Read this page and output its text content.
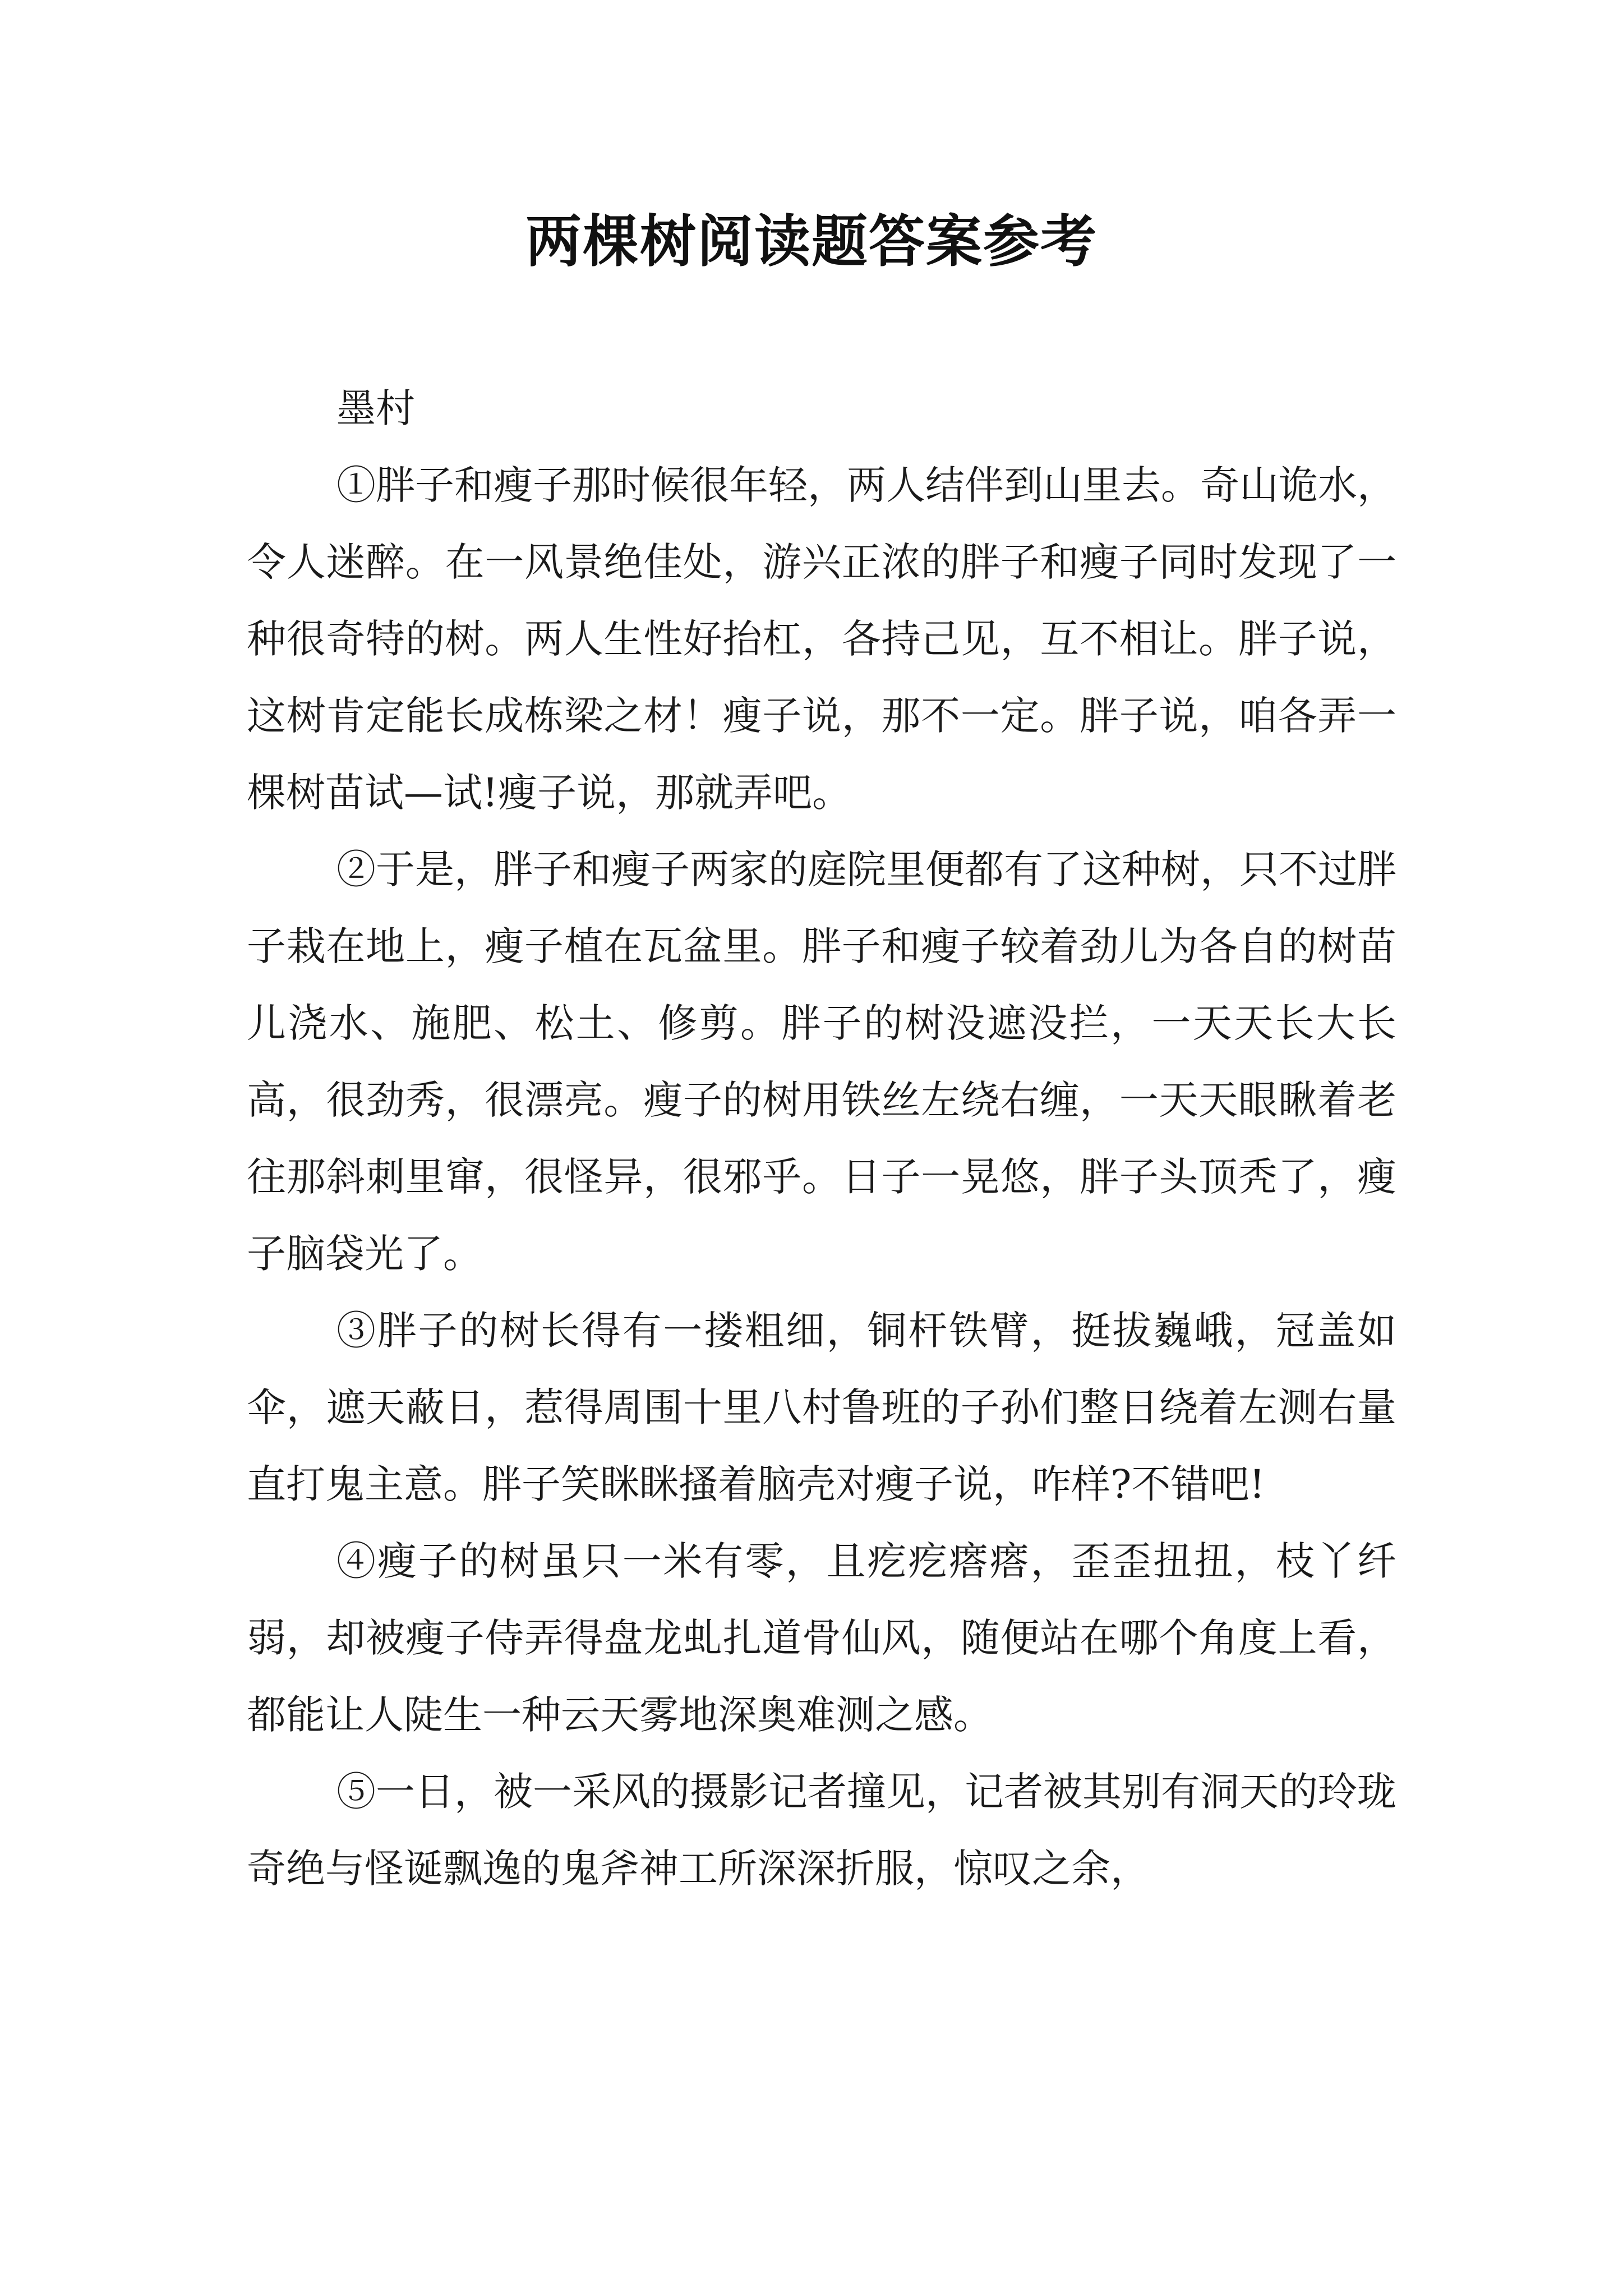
两棵树阅读题答案参考

墨村

①胖子和瘦子那时候很年轻，两人结伴到山里去。奇山诡水，令人迷醉。在一风景绝佳处，游兴正浓的胖子和瘦子同时发现了一种很奇特的树。两人生性好抬杠，各持己见，互不相让。胖子说，这树肯定能长成栋梁之材！瘦子说，那不一定。胖子说，咱各弄一棵树苗试—试!瘦子说，那就弄吧。

②于是，胖子和瘦子两家的庭院里便都有了这种树，只不过胖子栽在地上，瘦子植在瓦盆里。胖子和瘦子较着劲儿为各自的树苗儿浇水、施肥、松土、修剪。胖子的树没遮没拦，一天天长大长高，很劲秀，很漂亮。瘦子的树用铁丝左绕右缠，一天天眼瞅着老往那斜刺里窜，很怪异，很邪乎。日子一晃悠，胖子头顶秃了，瘦子脑袋光了。

③胖子的树长得有一搂粗细，铜杆铁臂，挺拔巍峨，冠盖如伞，遮天蔽日，惹得周围十里八村鲁班的子孙们整日绕着左测右量直打鬼主意。胖子笑眯眯搔着脑壳对瘦子说，咋样?不错吧!

④瘦子的树虽只一米有零，且疙疙瘩瘩，歪歪扭扭，枝丫纤弱，却被瘦子侍弄得盘龙虬扎道骨仙风，随便站在哪个角度上看，都能让人陡生一种云天雾地深奥难测之感。

⑤一日，被一采风的摄影记者撞见，记者被其别有洞天的玲珑奇绝与怪诞飘逸的鬼斧神工所深深折服，惊叹之余，
